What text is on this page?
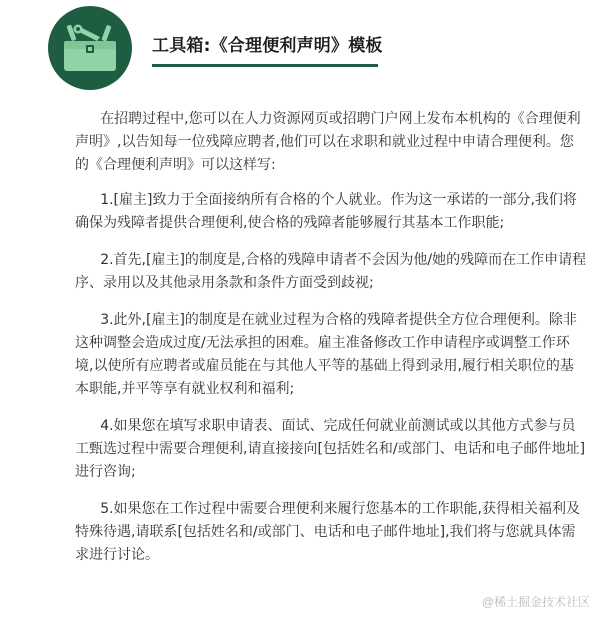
工具箱:《合理便利声明》模板

在招聘过程中,您可以在人力资源网页或招聘门户网上发布本机构的《合理便利声明》,以告知每一位残障应聘者,他们可以在求职和就业过程中申请合理便利。您的《合理便利声明》可以这样写:

1.[雇主]致力于全面接纳所有合格的个人就业。作为这一承诺的一部分,我们将确保为残障者提供合理便利,使合格的残障者能够履行其基本工作职能;

2.首先,[雇主]的制度是,合格的残障申请者不会因为他/她的残障而在工作申请程序、录用以及其他录用条款和条件方面受到歧视;

3.此外,[雇主]的制度是在就业过程为合格的残障者提供全方位合理便利。除非这种调整会造成过度/无法承担的困难。雇主准备修改工作申请程序或调整工作环境,以使所有应聘者或雇员能在与其他人平等的基础上得到录用,履行相关职位的基本职能,并平等享有就业权利和福利;

4.如果您在填写求职申请表、面试、完成任何就业前测试或以其他方式参与员工甄选过程中需要合理便利,请直接接向[包括姓名和/或部门、电话和电子邮件地址]进行咨询;

5.如果您在工作过程中需要合理便利来履行您基本的工作职能,获得相关福利及特殊待遇,请联系[包括姓名和/或部门、电话和电子邮件地址],我们将与您就具体需求进行讨论。

@稀土掘金技术社区
